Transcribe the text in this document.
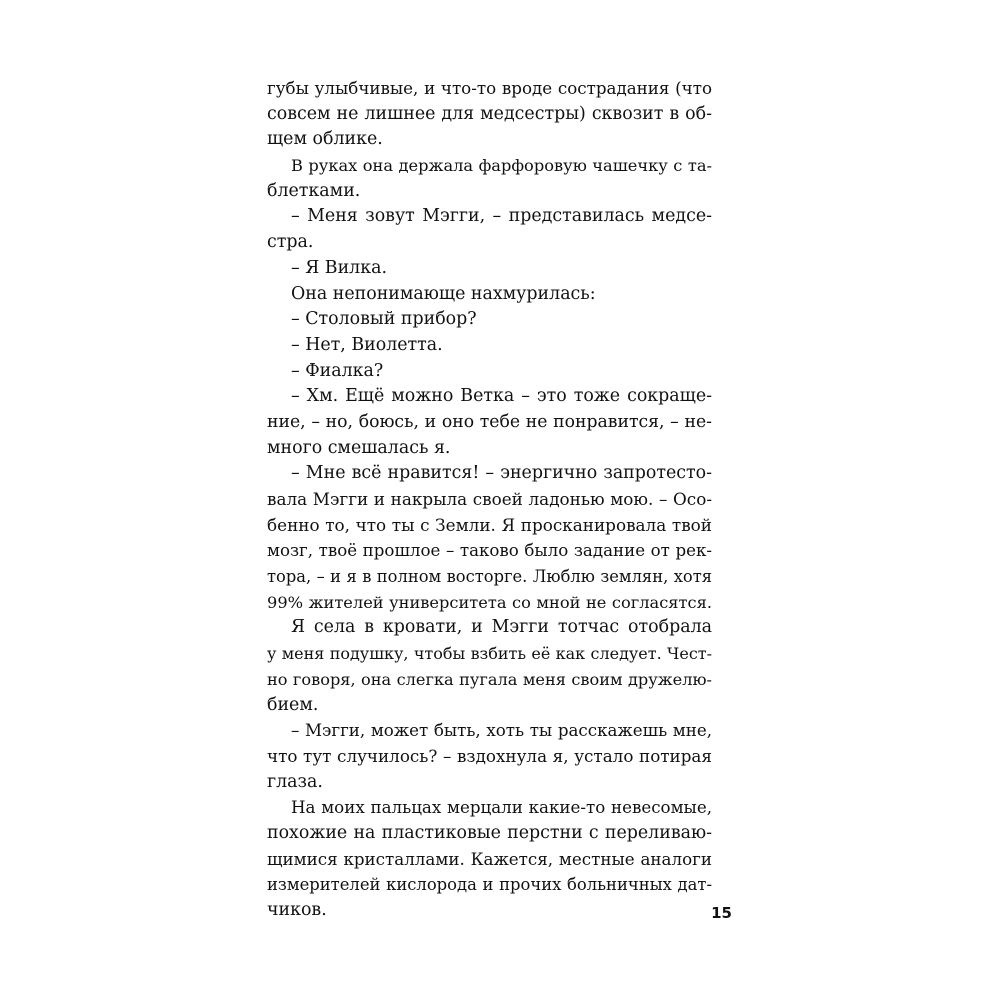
губы улыбчивые, и что-то вроде сострадания (что
совсем не лишнее для медсестры) сквозит в об-
щем облике.
В руках она держала фарфоровую чашечку с та-
блетками.
– Меня зовут Мэгги, – представилась медсе-
стра.
– Я Вилка.
Она непонимающе нахмурилась:
– Столовый прибор?
– Нет, Виолетта.
– Фиалка?
– Хм. Ещё можно Ветка – это тоже сокраще-
ние, – но, боюсь, и оно тебе не понравится, – не-
много смешалась я.
– Мне всё нравится! – энергично запротесто-
вала Мэгги и накрыла своей ладонью мою. – Осо-
бенно то, что ты с Земли. Я просканировала твой
мозг, твоё прошлое – таково было задание от рек-
тора, – и я в полном восторге. Люблю землян, хотя
99% жителей университета со мной не согласятся.
Я села в кровати, и Мэгги тотчас отобрала
у меня подушку, чтобы взбить её как следует. Чест-
но говоря, она слегка пугала меня своим дружелю-
бием.
– Мэгги, может быть, хоть ты расскажешь мне,
что тут случилось? – вздохнула я, устало потирая
глаза.
На моих пальцах мерцали какие-то невесомые,
похожие на пластиковые перстни с переливаю-
щимися кристаллами. Кажется, местные аналоги
измерителей кислорода и прочих больничных дат-
чиков.	15
